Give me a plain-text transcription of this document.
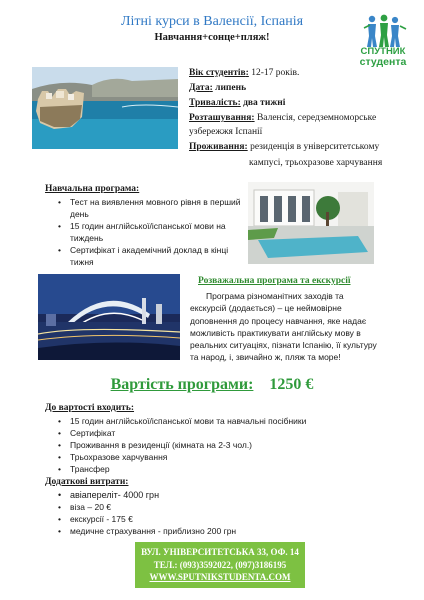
Літні курси в Валенсії, Іспанія
Навчання+сонце+пляж!
СПУТНИК
студента
Вік студентів: 12-17 років.
Дата: липень
Тривалість: два тижні
Розташування: Валенсія, середземноморське
узбережжя Іспанії
Проживання: резиденція в університетському
кампусі, трьохразове харчування
Навчальна програма:
• Тест на виявлення мовного рівня в перший
день
• 15 годин англійської/іспанської мови на
тиждень
• Сертифікат і академічний доклад в кінці
тижня
Розважальна програма та екскурсії
Програма різноманітних заходів та екскурсій (додається) – це неймовірне доповнення до процесу навчання, яке надає можливість практикувати англійську мову в реальних ситуаціях, пізнати Іспанію, її культуру та народ, і, звичайно ж, пляж та море!
Вартість програми: 1250 €
До вартості входить:
• 15 годин англійської/іспанської мови та навчальні посібники
• Сертифікат
• Проживання в резиденції (кімната на 2-3 чол.)
• Трьохразове харчування
• Трансфер
Додаткові витрати:
• авіапереліт- 4000 грн
• віза – 20 €
• екскурсії - 175 €
• медичне страхування - приблизно 200 грн
ВУЛ. УНІВЕРСИТЕТСЬКА 33, ОФ. 14
ТЕЛ.: (093)3592022, (097)3186195
WWW.SPUTNIKSTUDENTA.COM
